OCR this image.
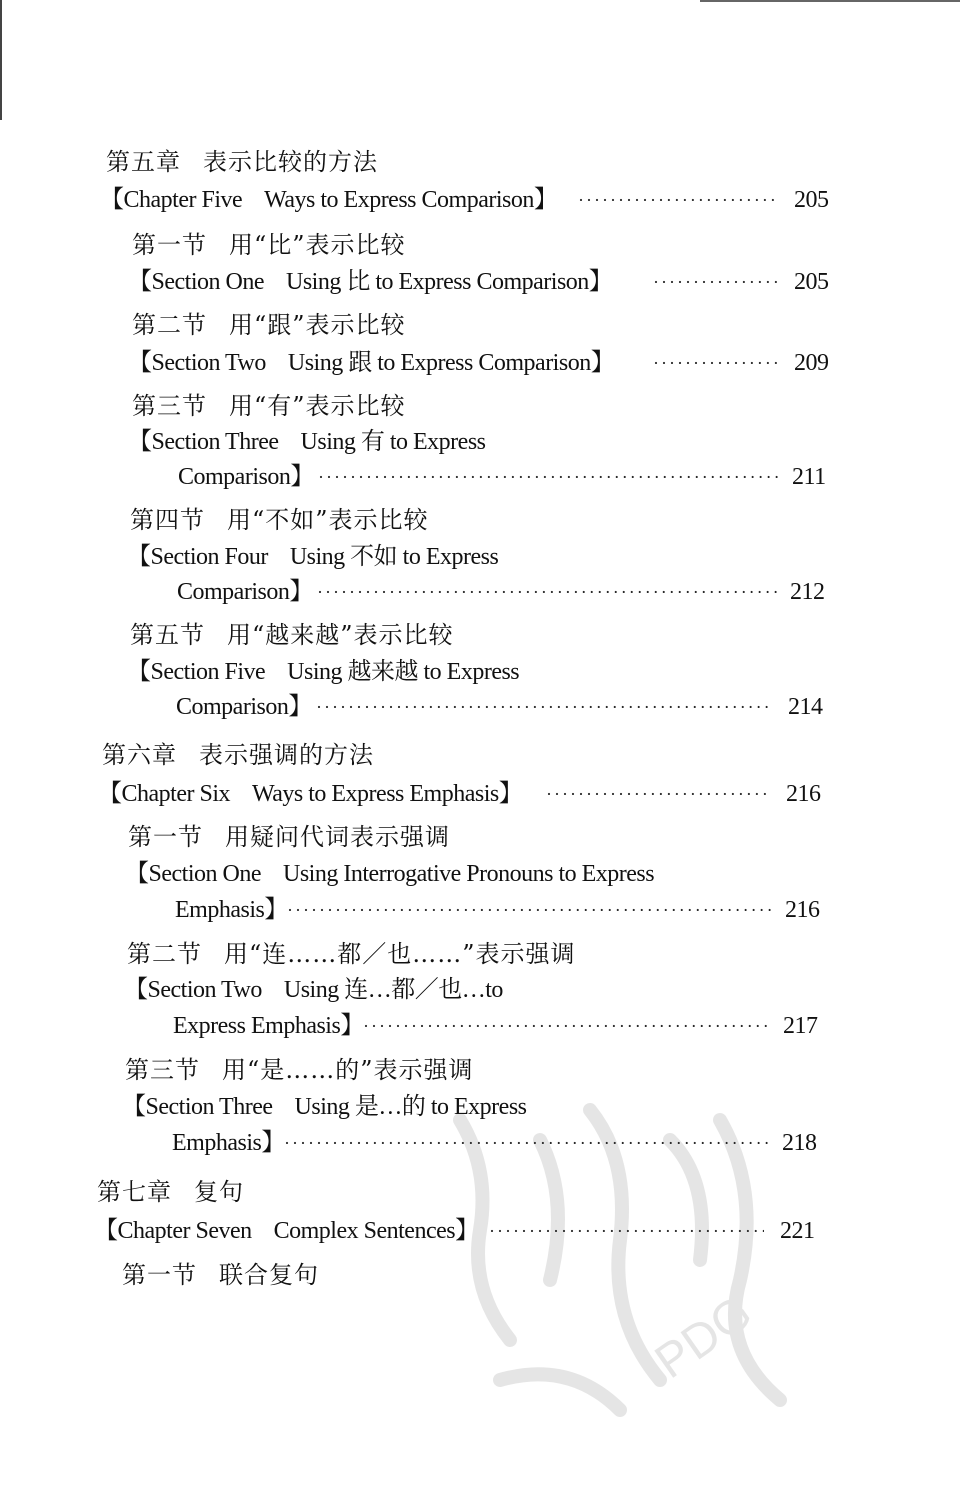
第五章 表示比较的方法
【Chapter Five Ways to Express Comparison】 ·····	205
第一节 用“比”表示比较
【Section One Using 比 to Express Comparison】 ·····	205
第二节 用“跟”表示比较
【Section Two Using 跟 to Express Comparison】 ·····	209
第三节 用“有”表示比较
【Section Three Using 有 to Express
Comparison】 ·····	211
第四节 用“不如”表示比较
【Section Four Using 不如 to Express
Comparison】 ·····	212
第五节 用“越来越”表示比较
【Section Five Using 越来越 to Express
Comparison】 ·····	214
第六章 表示强调的方法
【Chapter Six Ways to Express Emphasis】 ·····	216
第一节 用疑问代词表示强调
【Section One Using Interrogative Pronouns to Express
Emphasis】 ·····	216
第二节 用“连……都／也……”表示强调
【Section Two Using 连…都／也…to
Express Emphasis】 ·····	217
第三节 用“是……的”表示强调
【Section Three Using 是…的 to Express
Emphasis】 ·····	218
第七章 复句
【Chapter Seven Complex Sentences】 ·····	221
第一节 联合复句
PDG
